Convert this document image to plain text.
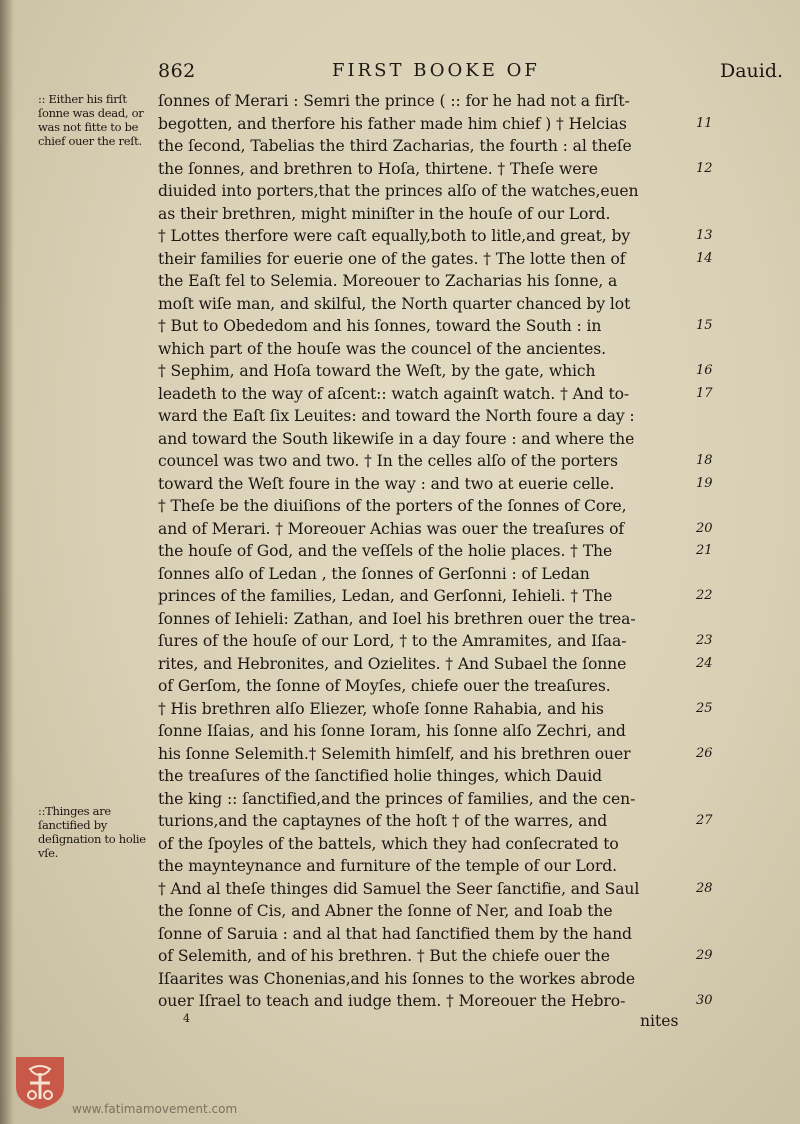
862	FIRST BOOKE OF	Dauid.
:: Either his firſt ſonne was dead, or was not fitte to be chief ouer the reſt.
::Thinges are ſanctified by deſignation to holie vſe.
ſonnes of Merari : Semri the prince ( :: for he had not a firſt-
begotten, and therfore his father made him chief ) † Helcias
the ſecond, Tabelias the third Zacharias, the fourth : al theſe
the ſonnes, and brethren to Hoſa, thirtene. † Theſe were
diuided into porters,that the princes alſo of the watches,euen
as their brethren, might miniſter in the houſe of our Lord.
† Lottes therfore were caſt equally,both to litle,and great, by
their families for euerie one of the gates. † The lotte then of
the Eaſt fel to Selemia. Moreouer to Zacharias his ſonne, a
moſt wiſe man, and skilful, the North quarter chanced by lot
† But to Obededom and his ſonnes, toward the South : in
which part of the houſe was the councel of the ancientes.
† Sephim, and Hoſa toward the Weſt, by the gate, which
leadeth to the way of aſcent:: watch againſt watch. † And to-
ward the Eaſt ſix Leuites: and toward the North foure a day :
and toward the South likewiſe in a day foure : and where the
councel was two and two. † In the celles alſo of the porters
toward the Weſt foure in the way : and two at euerie celle.
† Theſe be the diuiſions of the porters of the ſonnes of Core,
and of Merari. † Moreouer Achias was ouer the treaſures of
the houſe of God, and the veſſels of the holie places. † The
ſonnes alſo of Ledan , the ſonnes of Gerſonni : of Ledan
princes of the families, Ledan, and Gerſonni, Iehieli. † The
ſonnes of Iehieli: Zathan, and Ioel his brethren ouer the trea-
ſures of the houſe of our Lord, † to the Amramites, and Iſaa-
rites, and Hebronites, and Ozielites. † And Subael the ſonne
of Gerſom, the ſonne of Moyſes, chiefe ouer the treaſures.
† His brethren alſo Eliezer, whoſe ſonne Rahabia, and his
ſonne Iſaias, and his ſonne Ioram, his ſonne alſo Zechri, and
his ſonne Selemith.† Selemith himſelf, and his brethren ouer
the treaſures of the ſanctified holie thinges, which Dauid
the king :: ſanctified,and the princes of families, and the cen-
turions,and the captaynes of the hoſt † of the warres, and
of the ſpoyles of the battels, which they had conſecrated to
the maynteynance and furniture of the temple of our Lord.
† And al theſe thinges did Samuel the Seer ſanctifie, and Saul
the ſonne of Cis, and Abner the ſonne of Ner, and Ioab the
ſonne of Saruia : and al that had ſanctified them by the hand
of Selemith, and of his brethren. † But the chiefe ouer the
Iſaarites was Chonenias,and his ſonnes to the workes abrode
ouer Iſrael to teach and iudge them. † Moreouer the Hebro-
11
12
13
14
15
16
17
18
19
20
21
22
23
24
25
26
27
28
29
30
4	nites
www.fatimamovement.com
